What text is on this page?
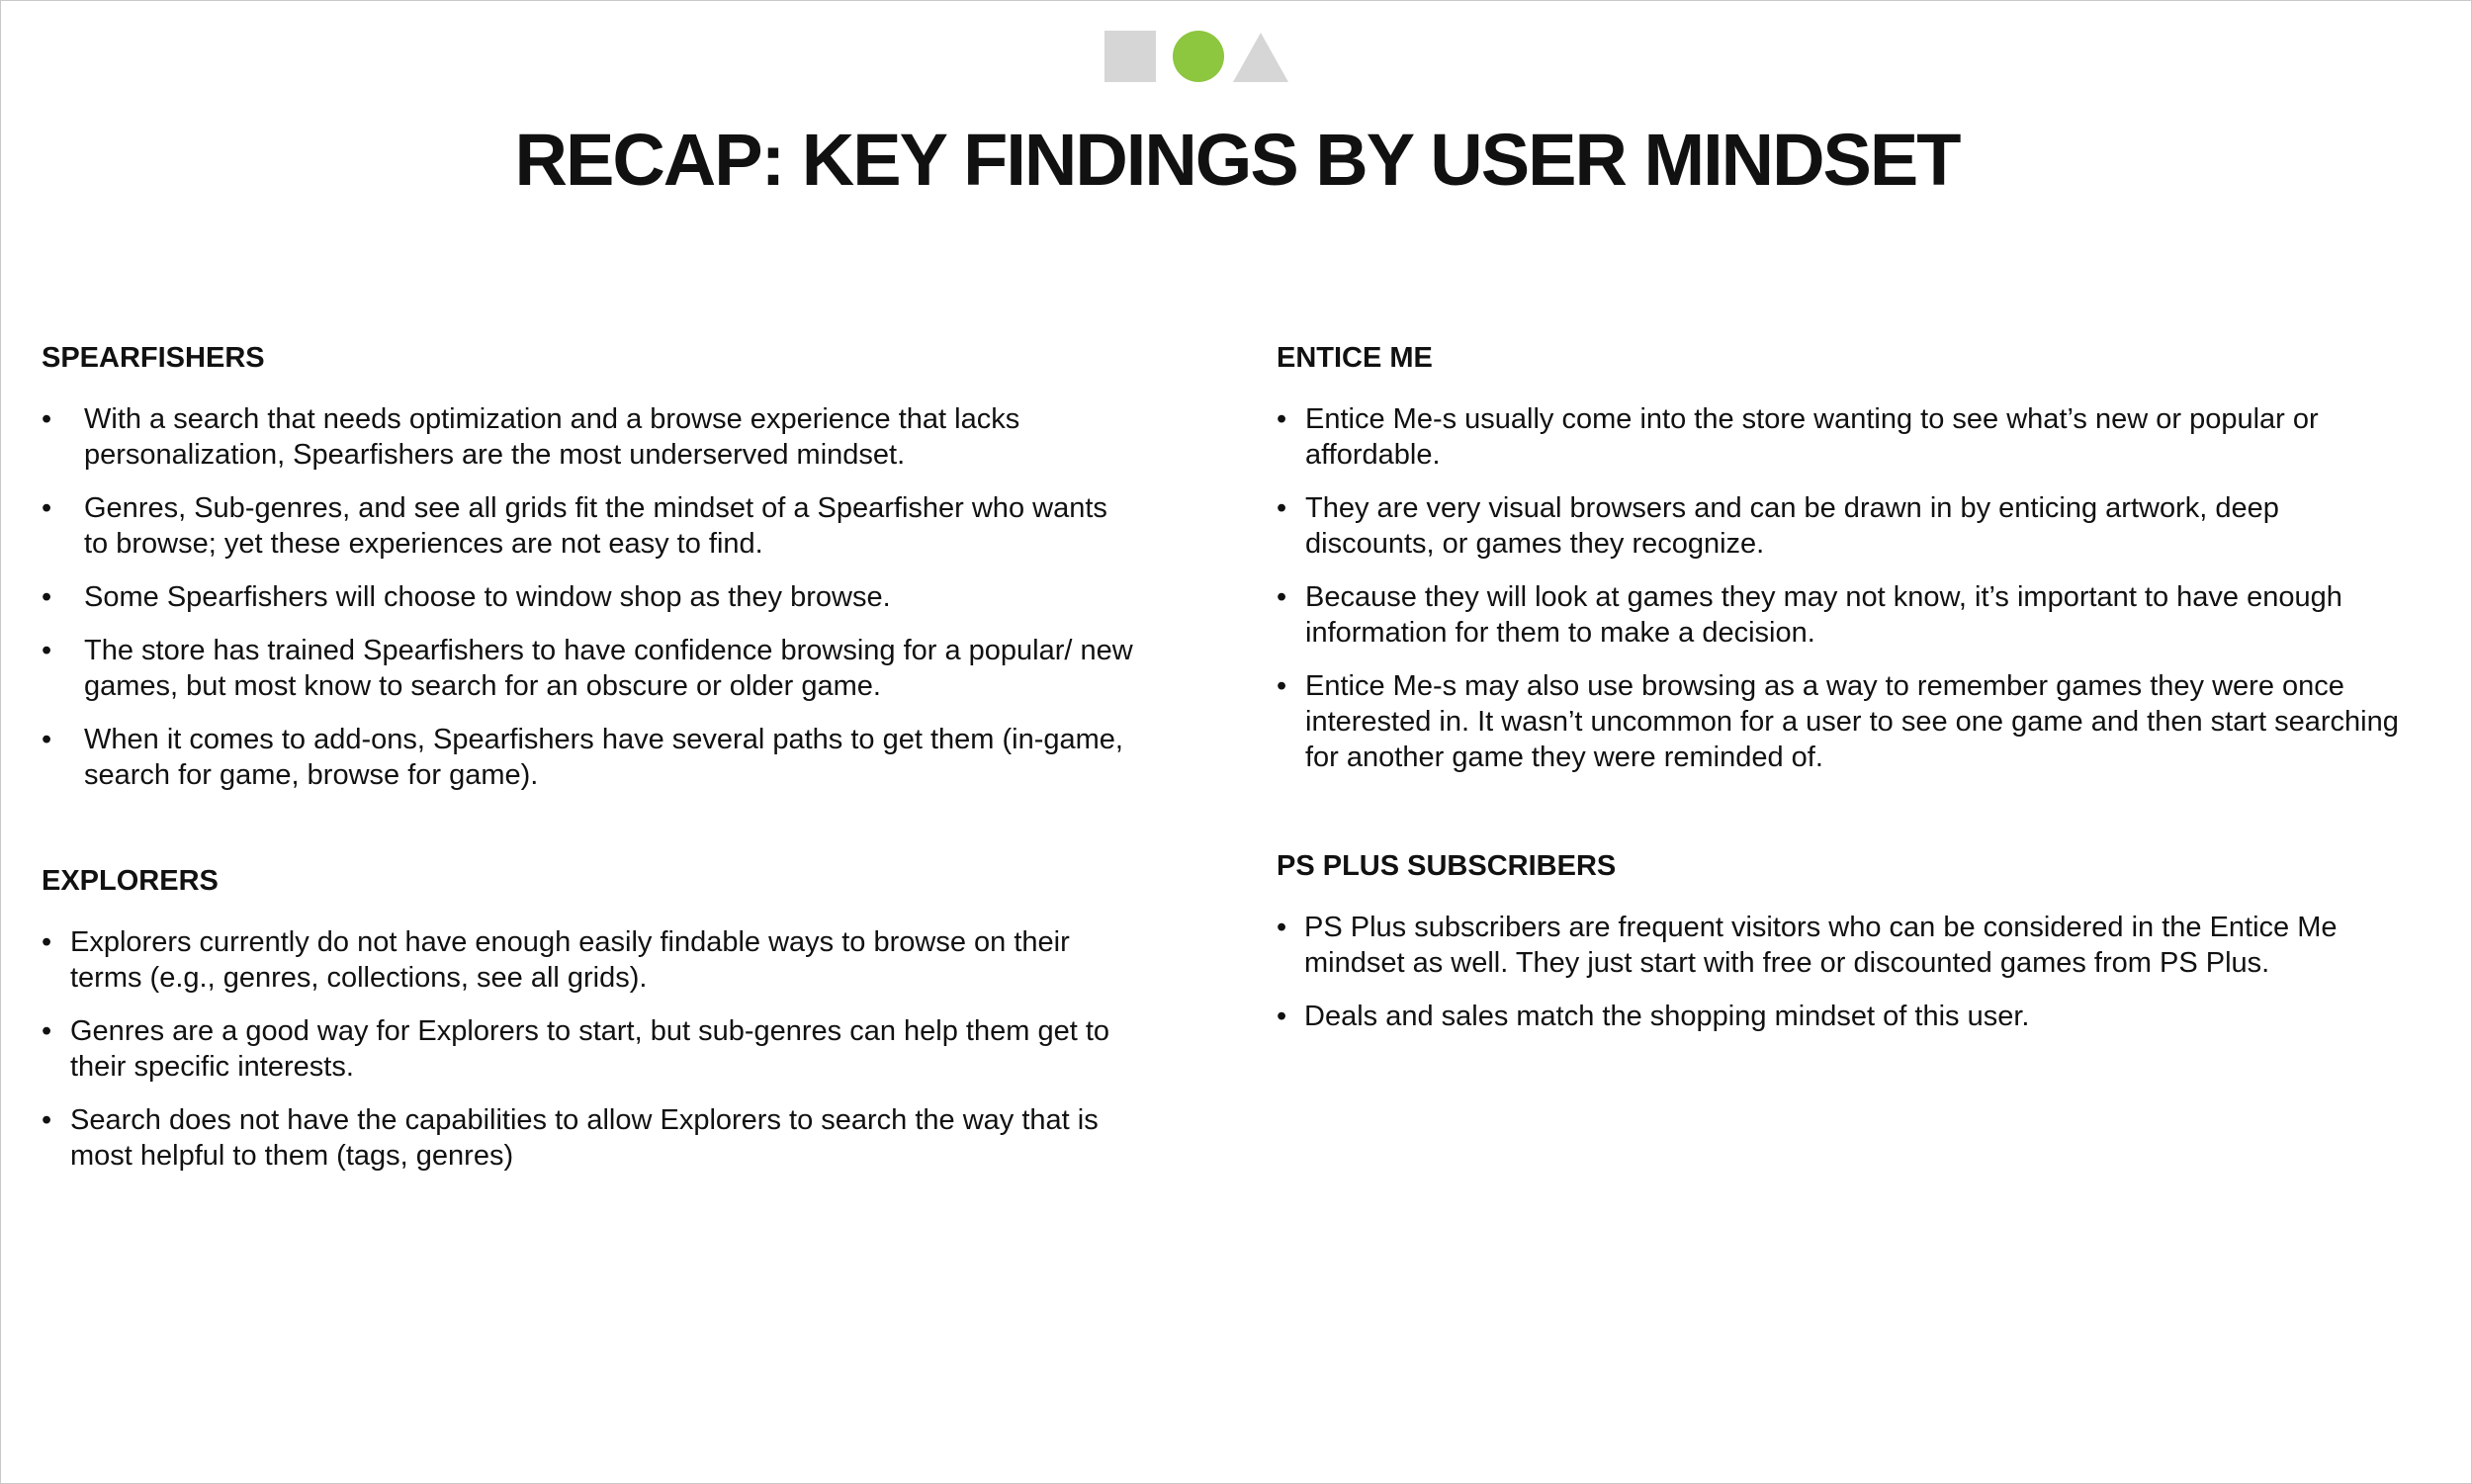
RECAP: KEY FINDINGS BY USER MINDSET
SPEARFISHERS
• With a search that needs optimization and a browse experience that lacks personalization, Spearfishers are the most underserved mindset.
• Genres, Sub-genres, and see all grids fit the mindset of a Spearfisher who wants to browse; yet these experiences are not easy to find.
• Some Spearfishers will choose to window shop as they browse.
• The store has trained Spearfishers to have confidence browsing for a popular/ new games, but most know to search for an obscure or older game.
• When it comes to add-ons, Spearfishers have several paths to get them (in-game, search for game, browse for game).
EXPLORERS
• Explorers currently do not have enough easily findable ways to browse on their terms (e.g., genres, collections, see all grids).
• Genres are a good way for Explorers to start, but sub-genres can help them get to their specific interests.
• Search does not have the capabilities to allow Explorers to search the way that is most helpful to them (tags, genres)
ENTICE ME
• Entice Me-s usually come into the store wanting to see what’s new or popular or affordable.
• They are very visual browsers and can be drawn in by enticing artwork, deep discounts, or games they recognize.
• Because they will look at games they may not know, it’s important to have enough information for them to make a decision.
• Entice Me-s may also use browsing as a way to remember games they were once interested in. It wasn’t uncommon for a user to see one game and then start searching for another game they were reminded of.
PS PLUS SUBSCRIBERS
• PS Plus subscribers are frequent visitors who can be considered in the Entice Me mindset as well. They just start with free or discounted games from PS Plus.
• Deals and sales match the shopping mindset of this user.
